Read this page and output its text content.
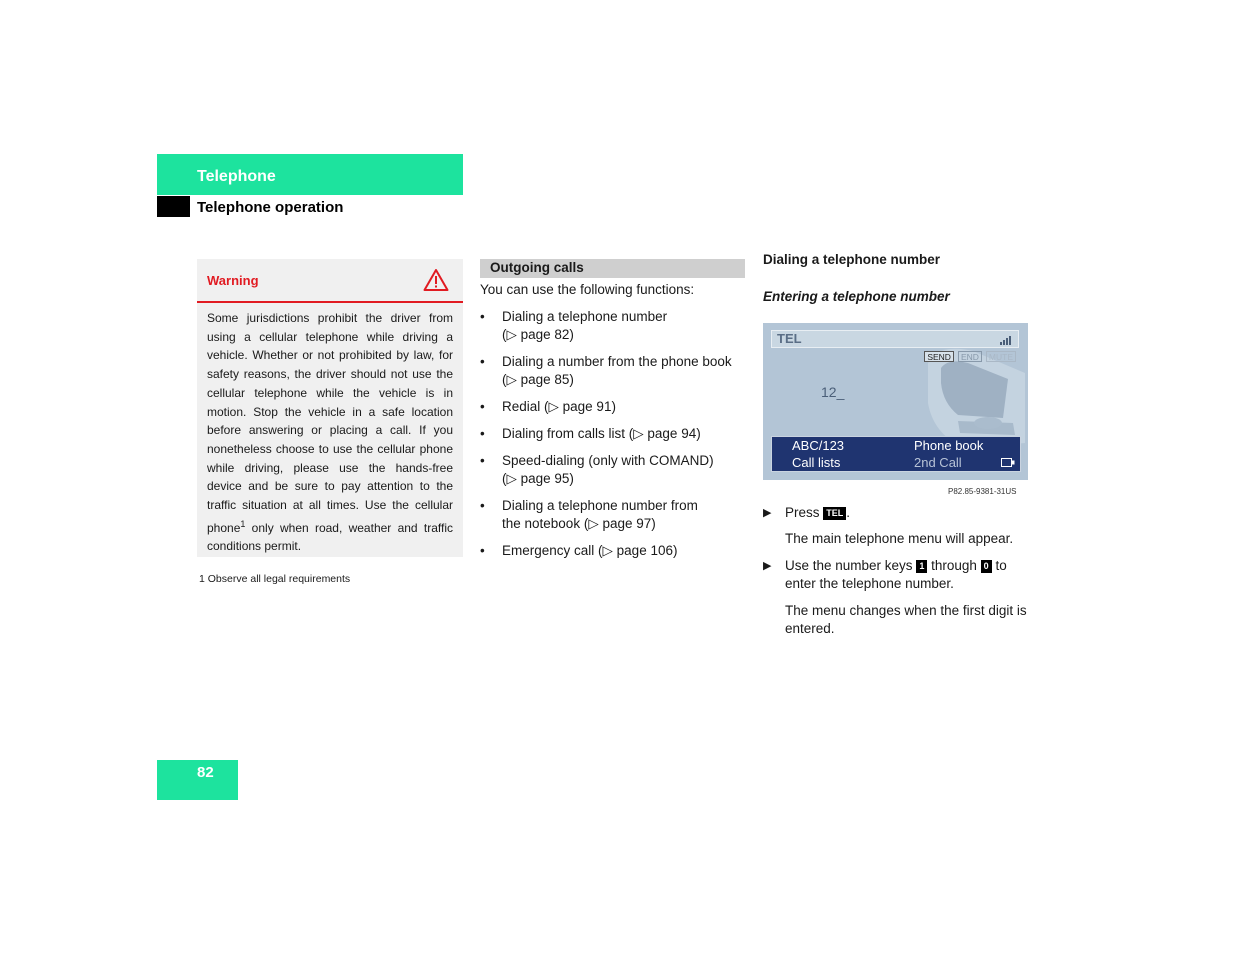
Telephone
Telephone operation
Warning
Some jurisdictions prohibit the driver from using a cellular telephone while driving a vehicle. Whether or not prohibited by law, for safety reasons, the driver should not use the cellular telephone while the vehicle is in motion. Stop the vehicle in a safe location before answering or placing a call. If you nonetheless choose to use the cellular phone while driving, please use the hands-free device and be sure to pay attention to the traffic situation at all times. Use the cellular phone$^1$ only when road, weather and traffic conditions permit.
1 Observe all legal requirements
Outgoing calls
You can use the following functions:
• Dialing a telephone number
(▷ page 82)
• Dialing a number from the phone book
(▷ page 85)
• Redial (▷ page 91)
• Dialing from calls list (▷ page 94)
• Speed-dialing (only with COMAND)
(▷ page 95)
• Dialing a telephone number from
the notebook (▷ page 97)
• Emergency call (▷ page 106)
Dialing a telephone number
Entering a telephone number
TEL
SEND	END	MUTE
12_
ABC/123	Phone book
Call lists	2nd Call
P82.85-9381-31US
▶ Press TEL .
The main telephone menu will appear.
▶ Use the number keys 1 through 0 to enter the telephone number.
The menu changes when the first digit is entered.
82
